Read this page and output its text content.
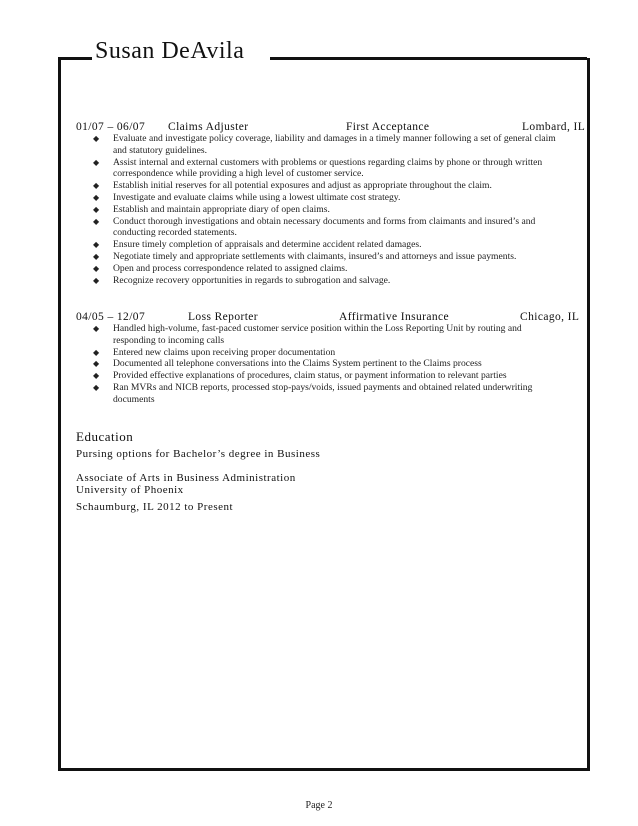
Susan DeAvila
01/07 – 06/07 Claims Adjuster	First Acceptance	Lombard, IL
◆ Evaluate and investigate policy coverage, liability and damages in a timely manner following a set of general claim and statutory guidelines.
◆ Assist internal and external customers with problems or questions regarding claims by phone or through written correspondence while providing a high level of customer service.
◆ Establish initial reserves for all potential exposures and adjust as appropriate throughout the claim.
◆ Investigate and evaluate claims while using a lowest ultimate cost strategy.
◆ Establish and maintain appropriate diary of open claims.
◆ Conduct thorough investigations and obtain necessary documents and forms from claimants and insured’s and conducting recorded statements.
◆ Ensure timely completion of appraisals and determine accident related damages.
◆ Negotiate timely and appropriate settlements with claimants, insured’s and attorneys and issue payments.
◆ Open and process correspondence related to assigned claims.
◆ Recognize recovery opportunities in regards to subrogation and salvage.
04/05 – 12/07	Loss Reporter	Affirmative Insurance	Chicago, IL
◆ Handled high-volume, fast-paced customer service position within the Loss Reporting Unit by routing and responding to incoming calls
◆ Entered new claims upon receiving proper documentation
◆ Documented all telephone conversations into the Claims System pertinent to the Claims process
◆ Provided effective explanations of procedures, claim status, or payment information to relevant parties
◆ Ran MVRs and NICB reports, processed stop-pays/voids, issued payments and obtained related underwriting documents
Education
Pursing options for Bachelor’s degree in Business
Associate of Arts in Business Administration
University of Phoenix
Schaumburg, IL 2012 to Present
Page 2
